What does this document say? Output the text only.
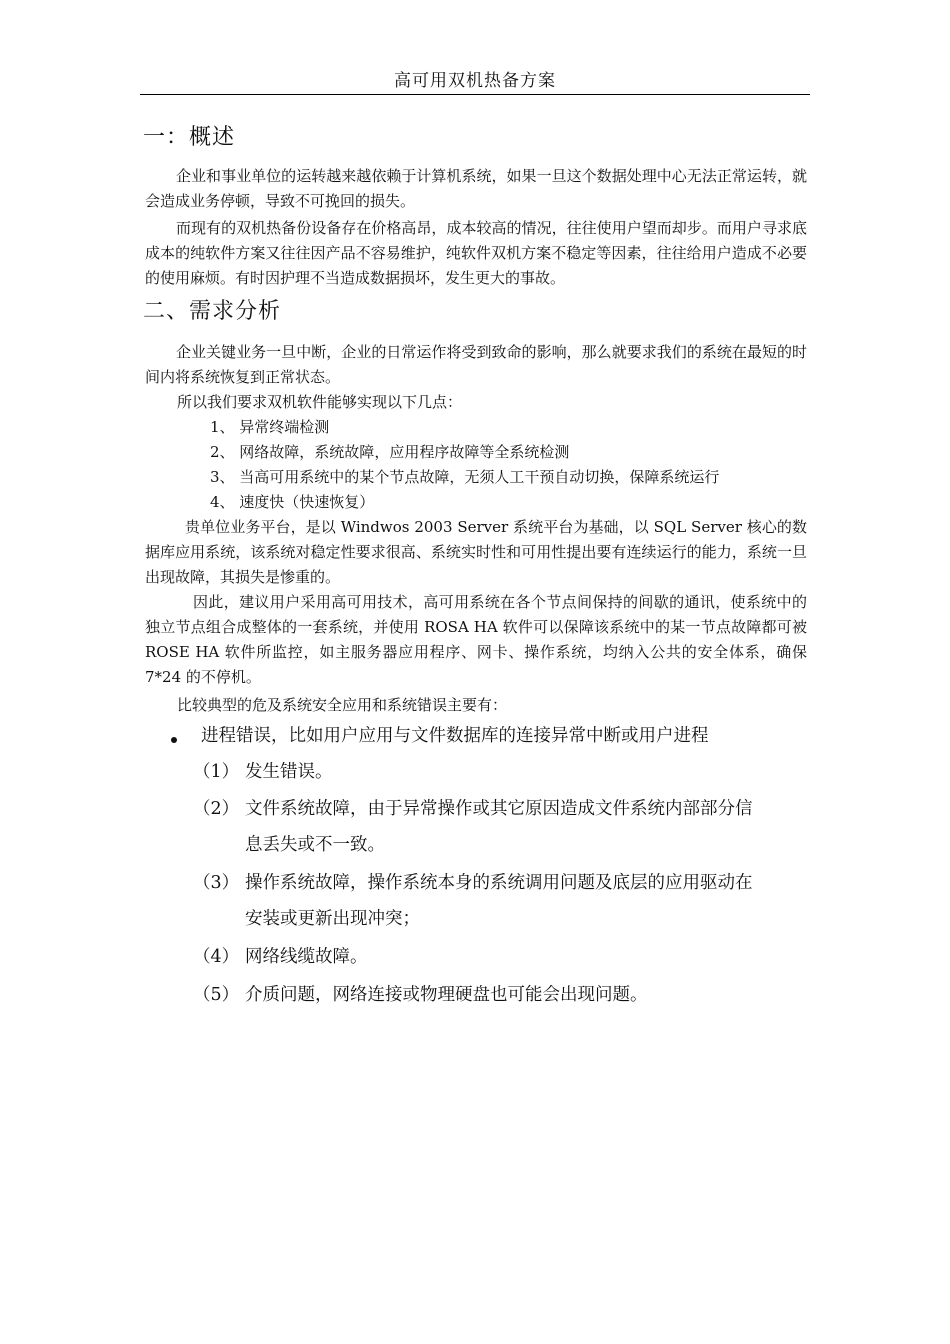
高可用双机热备方案
一：概述
企业和事业单位的运转越来越依赖于计算机系统，如果一旦这个数据处理中心无法正常运转，就会造成业务停顿，导致不可挽回的损失。
而现有的双机热备份设备存在价格高昂，成本较高的情况，往往使用户望而却步。而用户寻求底成本的纯软件方案又往往因产品不容易维护，纯软件双机方案不稳定等因素，往往给用户造成不必要的使用麻烦。有时因护理不当造成数据损坏，发生更大的事故。
二、需求分析
企业关键业务一旦中断，企业的日常运作将受到致命的影响，那么就要求我们的系统在最短的时间内将系统恢复到正常状态。
所以我们要求双机软件能够实现以下几点：
1、 异常终端检测
2、 网络故障，系统故障，应用程序故障等全系统检测
3、 当高可用系统中的某个节点故障，无须人工干预自动切换，保障系统运行
4、 速度快（快速恢复）
贵单位业务平台，是以 Windwos 2003 Server 系统平台为基础，以 SQL Server 核心的数据库应用系统，该系统对稳定性要求很高、系统实时性和可用性提出要有连续运行的能力，系统一旦出现故障，其损失是惨重的。
因此，建议用户采用高可用技术，高可用系统在各个节点间保持的间歇的通讯，使系统中的独立节点组合成整体的一套系统，并使用 ROSA HA 软件可以保障该系统中的某一节点故障都可被 ROSE HA 软件所监控，如主服务器应用程序、网卡、操作系统，均纳入公共的安全体系，确保 7*24 的不停机。
比较典型的危及系统安全应用和系统错误主要有：
进程错误，比如用户应用与文件数据库的连接异常中断或用户进程
（1） 发生错误。
（2） 文件系统故障，由于异常操作或其它原因造成文件系统内部部分信
息丢失或不一致。
（3） 操作系统故障，操作系统本身的系统调用问题及底层的应用驱动在
安装或更新出现冲突；
（4） 网络线缆故障。
（5） 介质问题，网络连接或物理硬盘也可能会出现问题。
